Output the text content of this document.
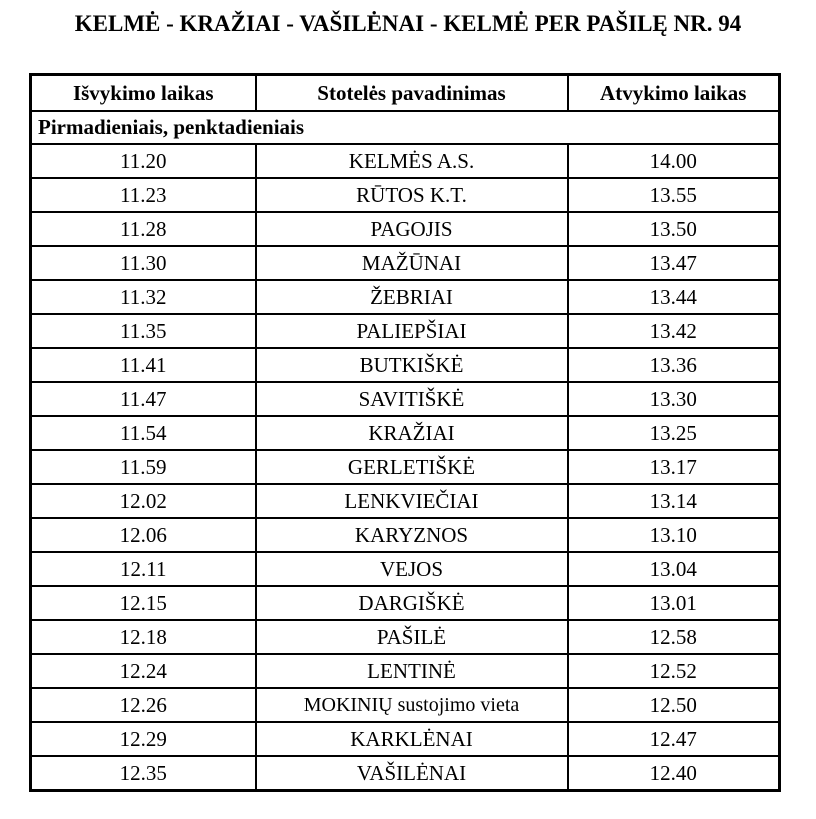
KELMĖ - KRAŽIAI - VAŠILĖNAI - KELMĖ PER PAŠILĘ NR. 94
Išvykimo laikas	Stotelės pavadinimas	Atvykimo laikas
Pirmadieniais, penktadieniais		
11.20	KELMĖS A.S.	14.00
11.23	RŪTOS K.T.	13.55
11.28	PAGOJIS	13.50
11.30	MAŽŪNAI	13.47
11.32	ŽEBRIAI	13.44
11.35	PALIEPŠIAI	13.42
11.41	BUTKIŠKĖ	13.36
11.47	SAVITIŠKĖ	13.30
11.54	KRAŽIAI	13.25
11.59	GERLETIŠKĖ	13.17
12.02	LENKVIEČIAI	13.14
12.06	KARYZNOS	13.10
12.11	VEJOS	13.04
12.15	DARGIŠKĖ	13.01
12.18	PAŠILĖ	12.58
12.24	LENTINĖ	12.52
12.26	MOKINIŲ sustojimo vieta	12.50
12.29	KARKLĖNAI	12.47
12.35	VAŠILĖNAI	12.40
